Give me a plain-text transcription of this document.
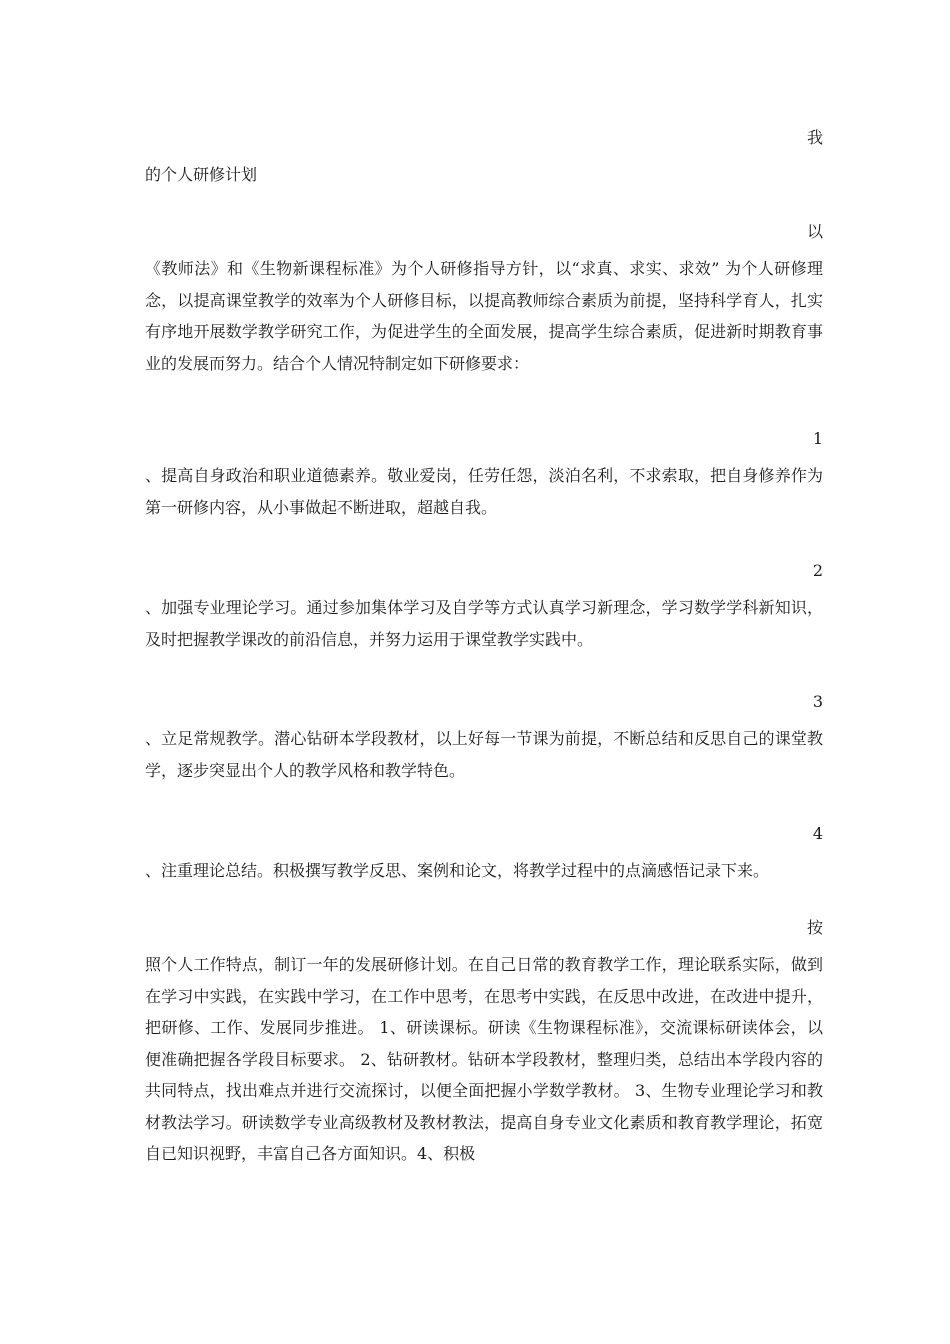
我
的个人研修计划
以
《教师法》和《生物新课程标准》为个人研修指导方针，以“求真、求实、求效” 为个人研修理念，以提高课堂教学的效率为个人研修目标，以提高教师综合素质为前提，坚持科学育人，扎实有序地开展数学教学研究工作，为促进学生的全面发展，提高学生综合素质，促进新时期教育事业的发展而努力。结合个人情况特制定如下研修要求：
1
、提高自身政治和职业道德素养。敬业爱岗，任劳任怨，淡泊名利，不求索取，把自身修养作为第一研修内容，从小事做起不断进取，超越自我。
2
、加强专业理论学习。通过参加集体学习及自学等方式认真学习新理念，学习数学学科新知识，及时把握教学课改的前沿信息，并努力运用于课堂教学实践中。
3
、立足常规教学。潜心钻研本学段教材，以上好每一节课为前提，不断总结和反思自己的课堂教学，逐步突显出个人的教学风格和教学特色。
4
、注重理论总结。积极撰写教学反思、案例和论文，将教学过程中的点滴感悟记录下来。
按
照个人工作特点，制订一年的发展研修计划。在自己日常的教育教学工作，理论联系实际，做到在学习中实践，在实践中学习，在工作中思考，在思考中实践，在反思中改进，在改进中提升，把研修、工作、发展同步推进。 1、研读课标。研读《生物课程标准》，交流课标研读体会，以便准确把握各学段目标要求。 2、钻研教材。钻研本学段教材，整理归类，总结出本学段内容的共同特点，找出难点并进行交流探讨，以便全面把握小学数学教材。 3、生物专业理论学习和教材教法学习。研读数学专业高级教材及教材教法，提高自身专业文化素质和教育教学理论，拓宽自已知识视野，丰富自己各方面知识。4、积极
